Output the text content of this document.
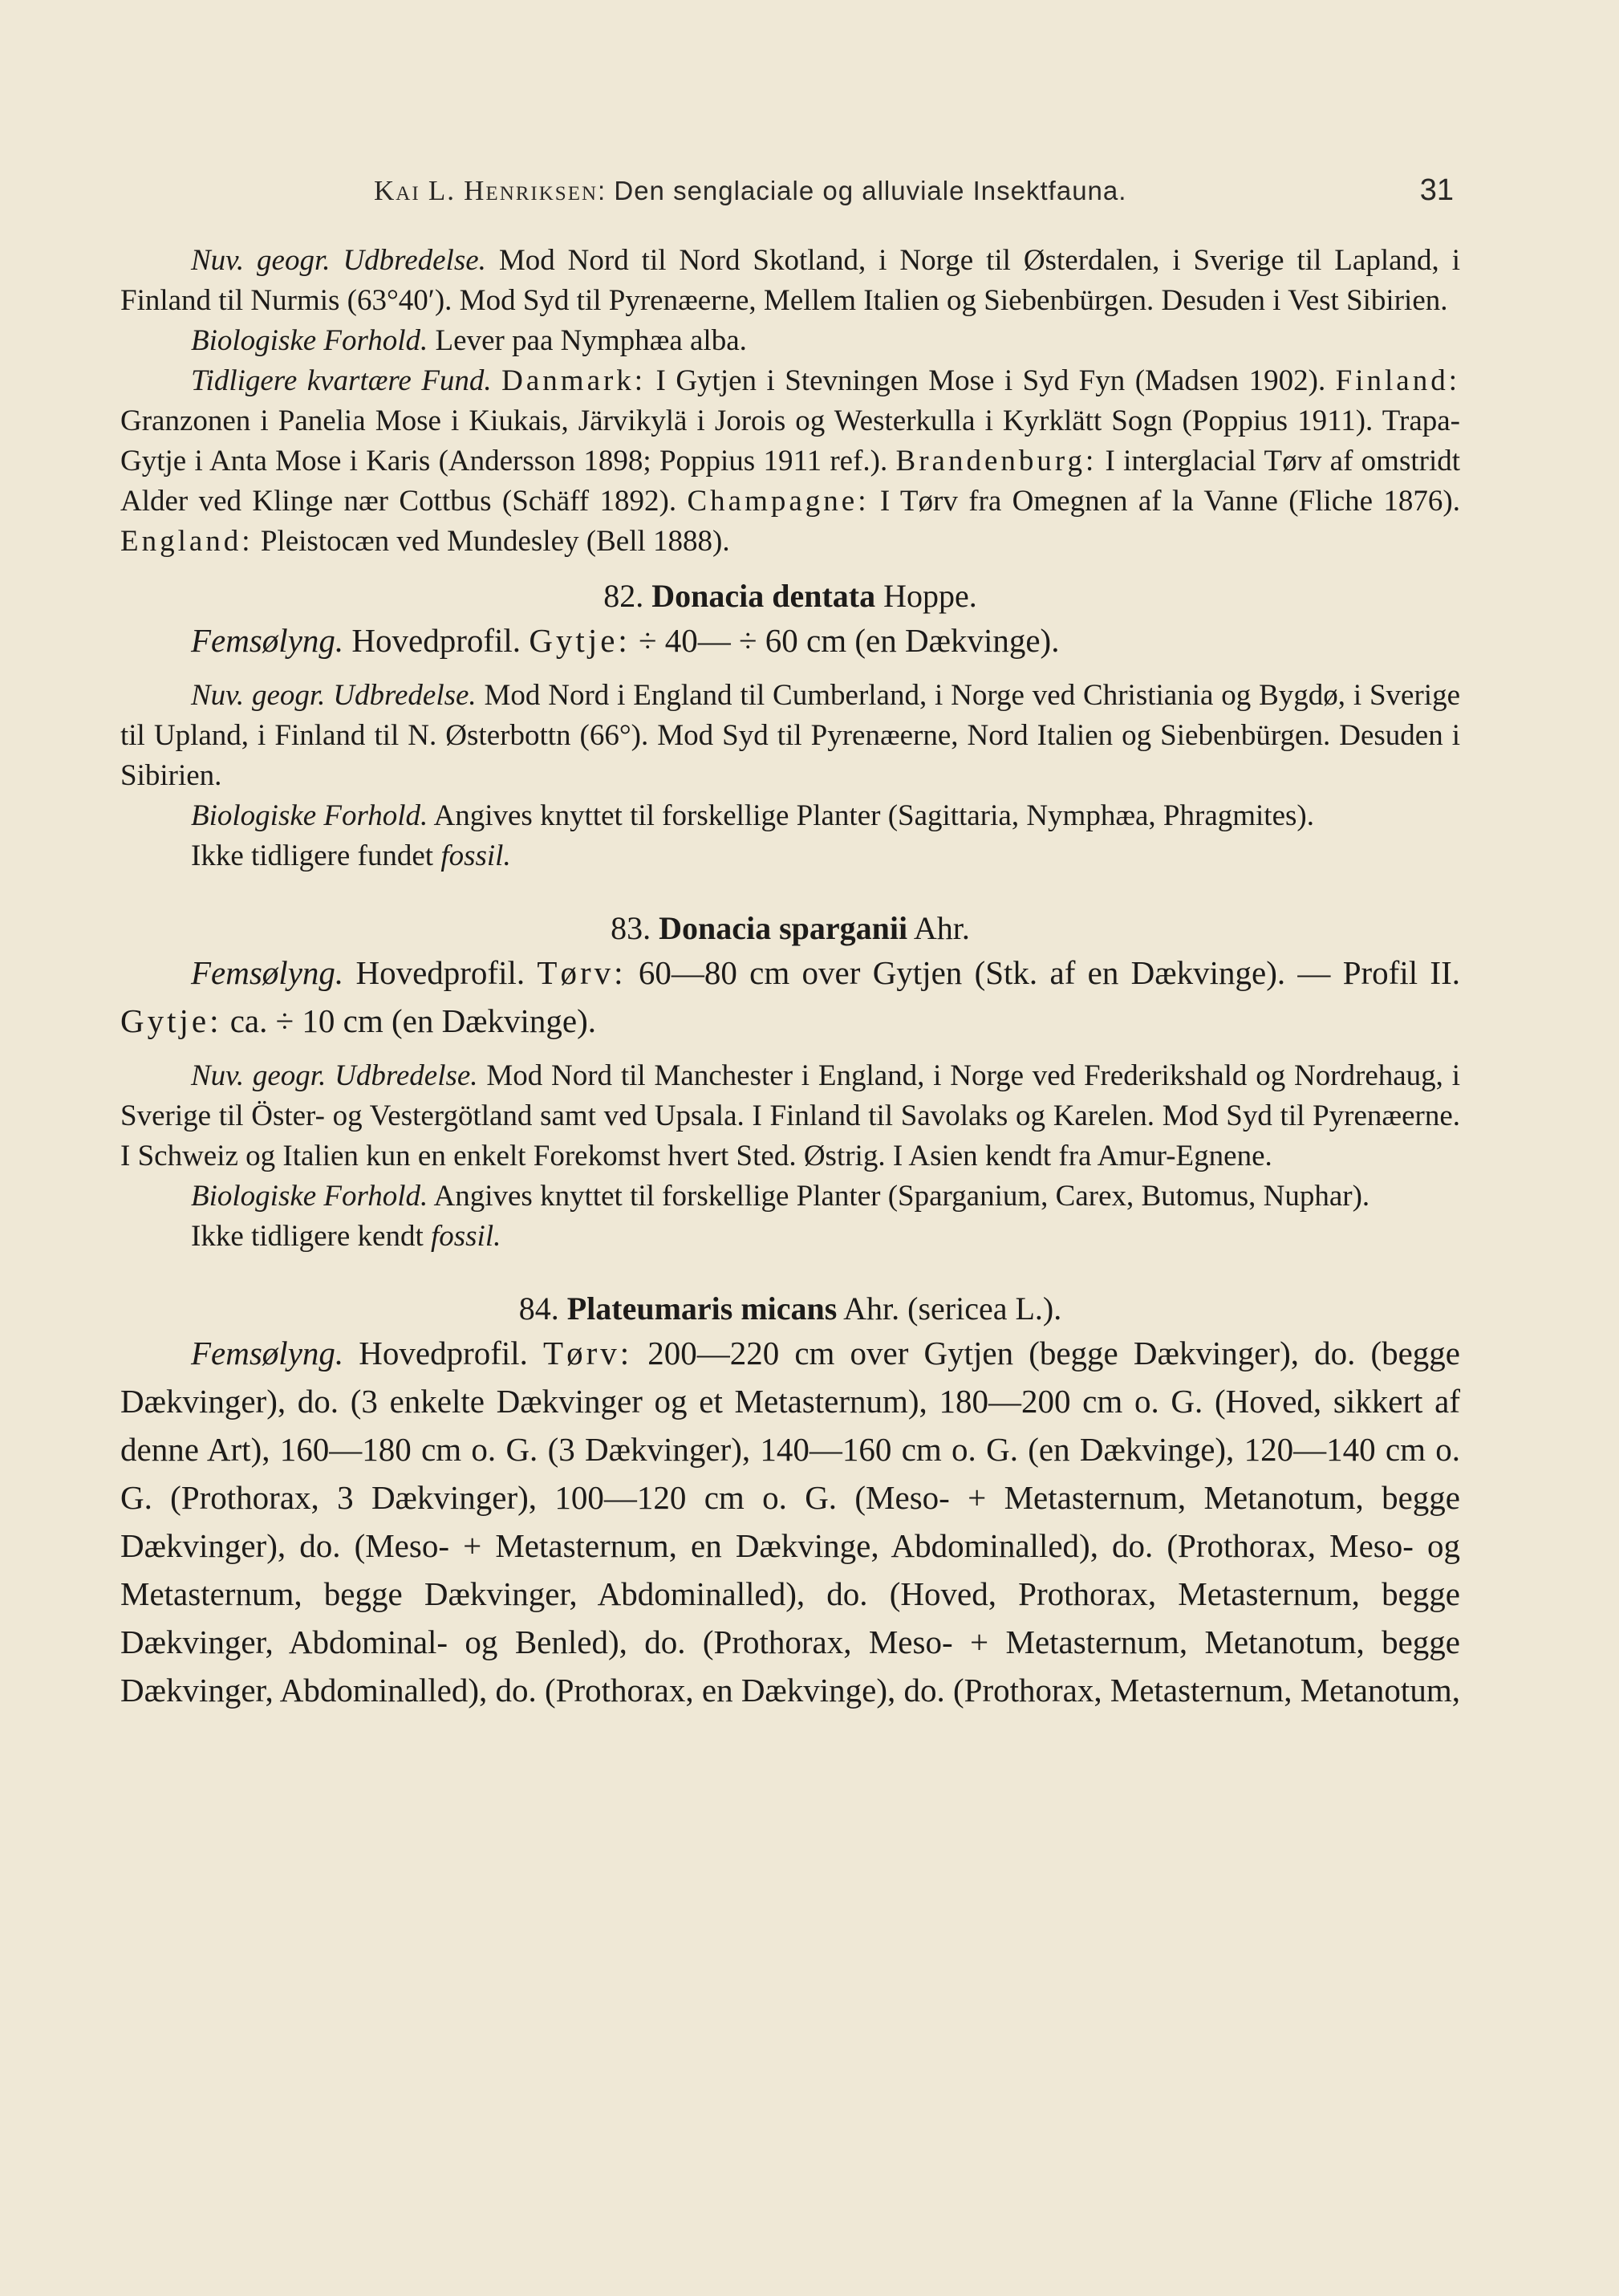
Kai L. Henriksen: Den senglaciale og alluviale Insektfauna.	31

Nuv. geogr. Udbredelse. Mod Nord til Nord Skotland, i Norge til Østerdalen, i Sverige til Lapland, i Finland til Nurmis (63°40′). Mod Syd til Pyrenæerne, Mellem Italien og Siebenbürgen. Desuden i Vest Sibirien.

Biologiske Forhold. Lever paa Nymphæa alba.

Tidligere kvartære Fund. Danmark: I Gytjen i Stevningen Mose i Syd Fyn (Madsen 1902). Finland: Granzonen i Panelia Mose i Kiukais, Järvikylä i Jorois og Westerkulla i Kyrklätt Sogn (Poppius 1911). Trapa-Gytje i Anta Mose i Karis (Andersson 1898; Poppius 1911 ref.). Brandenburg: I interglacial Tørv af omstridt Alder ved Klinge nær Cottbus (Schäff 1892). Champagne: I Tørv fra Omegnen af la Vanne (Fliche 1876). England: Pleistocæn ved Mundesley (Bell 1888).

82. Donacia dentata Hoppe.

Femsølyng. Hovedprofil. Gytje: ÷ 40— ÷ 60 cm (en Dækvinge).

Nuv. geogr. Udbredelse. Mod Nord i England til Cumberland, i Norge ved Christiania og Bygdø, i Sverige til Upland, i Finland til N. Østerbottn (66°). Mod Syd til Pyrenæerne, Nord Italien og Siebenbürgen. Desuden i Sibirien.

Biologiske Forhold. Angives knyttet til forskellige Planter (Sagittaria, Nymphæa, Phragmites).

Ikke tidligere fundet fossil.

83. Donacia sparganii Ahr.

Femsølyng. Hovedprofil. Tørv: 60—80 cm over Gytjen (Stk. af en Dækvinge). — Profil II. Gytje: ca. ÷ 10 cm (en Dækvinge).

Nuv. geogr. Udbredelse. Mod Nord til Manchester i England, i Norge ved Frederikshald og Nordrehaug, i Sverige til Öster- og Vestergötland samt ved Upsala. I Finland til Savolaks og Karelen. Mod Syd til Pyrenæerne. I Schweiz og Italien kun en enkelt Forekomst hvert Sted. Østrig. I Asien kendt fra Amur-Egnene.

Biologiske Forhold. Angives knyttet til forskellige Planter (Sparganium, Carex, Butomus, Nuphar).

Ikke tidligere kendt fossil.

84. Plateumaris micans Ahr. (sericea L.).

Femsølyng. Hovedprofil. Tørv: 200—220 cm over Gytjen (begge Dækvinger), do. (begge Dækvinger), do. (3 enkelte Dækvinger og et Metasternum), 180—200 cm o. G. (Hoved, sikkert af denne Art), 160—180 cm o. G. (3 Dækvinger), 140—160 cm o. G. (en Dækvinge), 120—140 cm o. G. (Prothorax, 3 Dækvinger), 100—120 cm o. G. (Meso- + Metasternum, Metanotum, begge Dækvinger), do. (Meso- + Metasternum, en Dækvinge, Abdominalled), do. (Prothorax, Meso- og Metasternum, begge Dækvinger, Abdominalled), do. (Hoved, Prothorax, Metasternum, begge Dækvinger, Abdominal- og Benled), do. (Prothorax, Meso- + Metasternum, Metanotum, begge Dækvinger, Abdominalled), do. (Prothorax, en Dækvinge), do. (Prothorax, Metasternum, Metanotum,
